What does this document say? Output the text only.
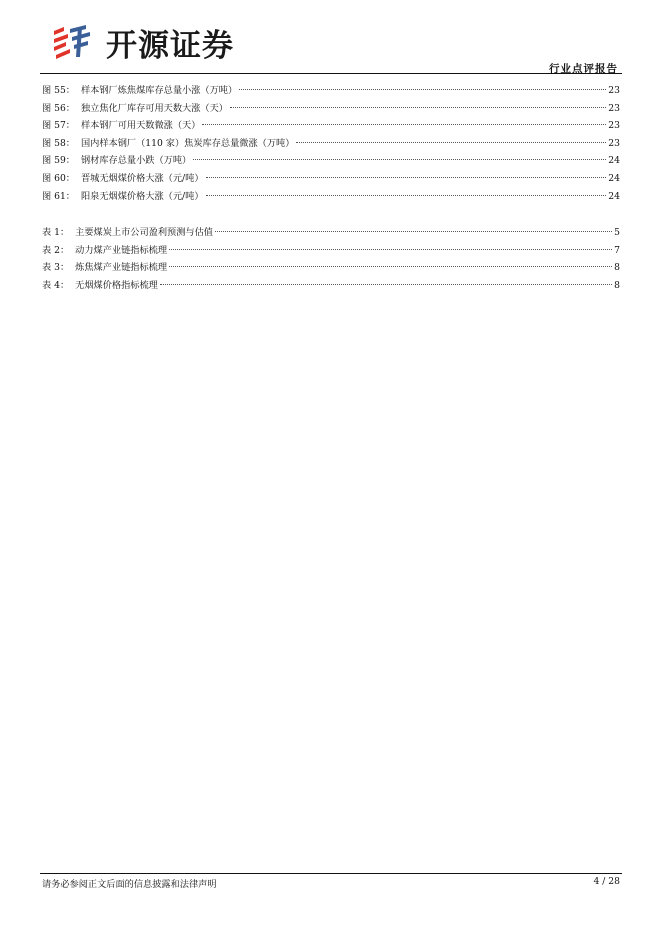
开源证券
行业点评报告
图 55： 样本钢厂炼焦煤库存总量小涨（万吨）	23
图 56： 独立焦化厂库存可用天数大涨（天）	23
图 57： 样本钢厂可用天数微涨（天）	23
图 58： 国内样本钢厂（110 家）焦炭库存总量微涨（万吨）	23
图 59： 钢材库存总量小跌（万吨）	24
图 60： 晋城无烟煤价格大涨（元/吨）	24
图 61： 阳泉无烟煤价格大涨（元/吨）	24
表 1： 主要煤炭上市公司盈利预测与估值	5
表 2： 动力煤产业链指标梳理	7
表 3： 炼焦煤产业链指标梳理	8
表 4： 无烟煤价格指标梳理	8
请务必参阅正文后面的信息披露和法律声明	4 / 28
